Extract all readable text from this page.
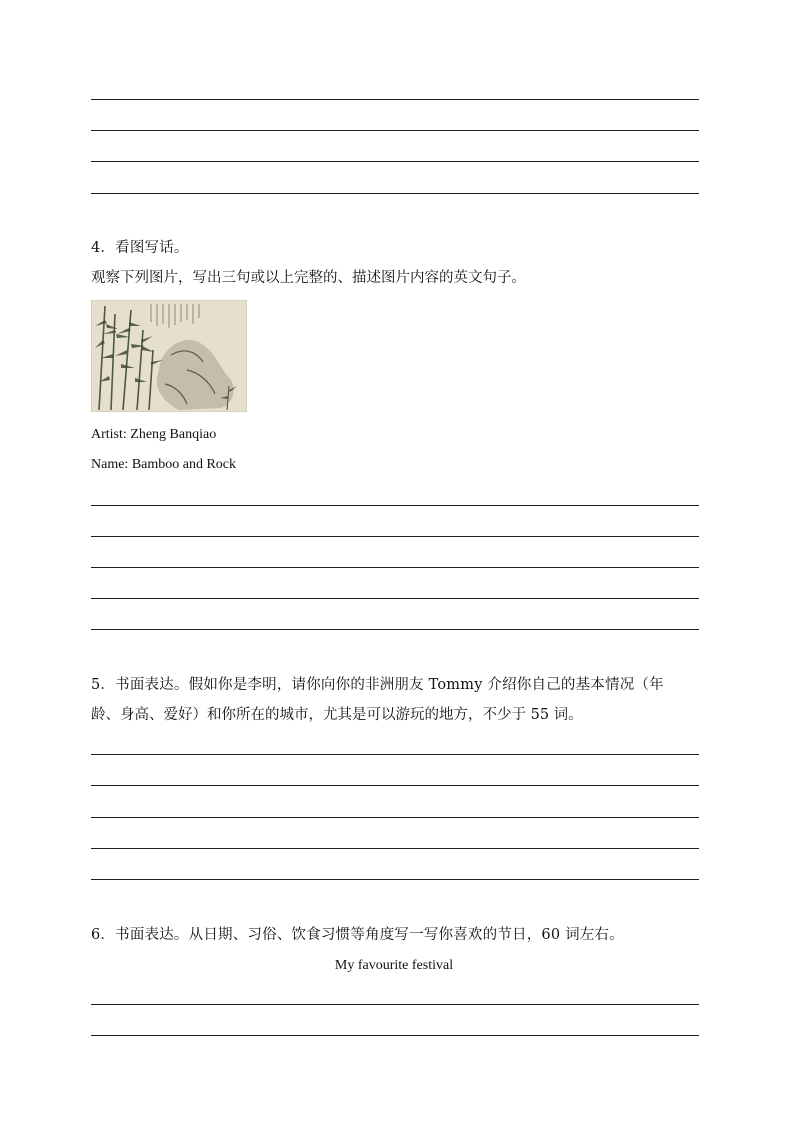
4．看图写话。
观察下列图片，写出三句或以上完整的、描述图片内容的英文句子。
Artist: Zheng Banqiao
Name: Bamboo and Rock
5．书面表达。假如你是李明，请你向你的非洲朋友 Tommy 介绍你自己的基本情况（年
龄、身高、爱好）和你所在的城市，尤其是可以游玩的地方，不少于 55 词。
6．书面表达。从日期、习俗、饮食习惯等角度写一写你喜欢的节日，60 词左右。
My favourite festival
